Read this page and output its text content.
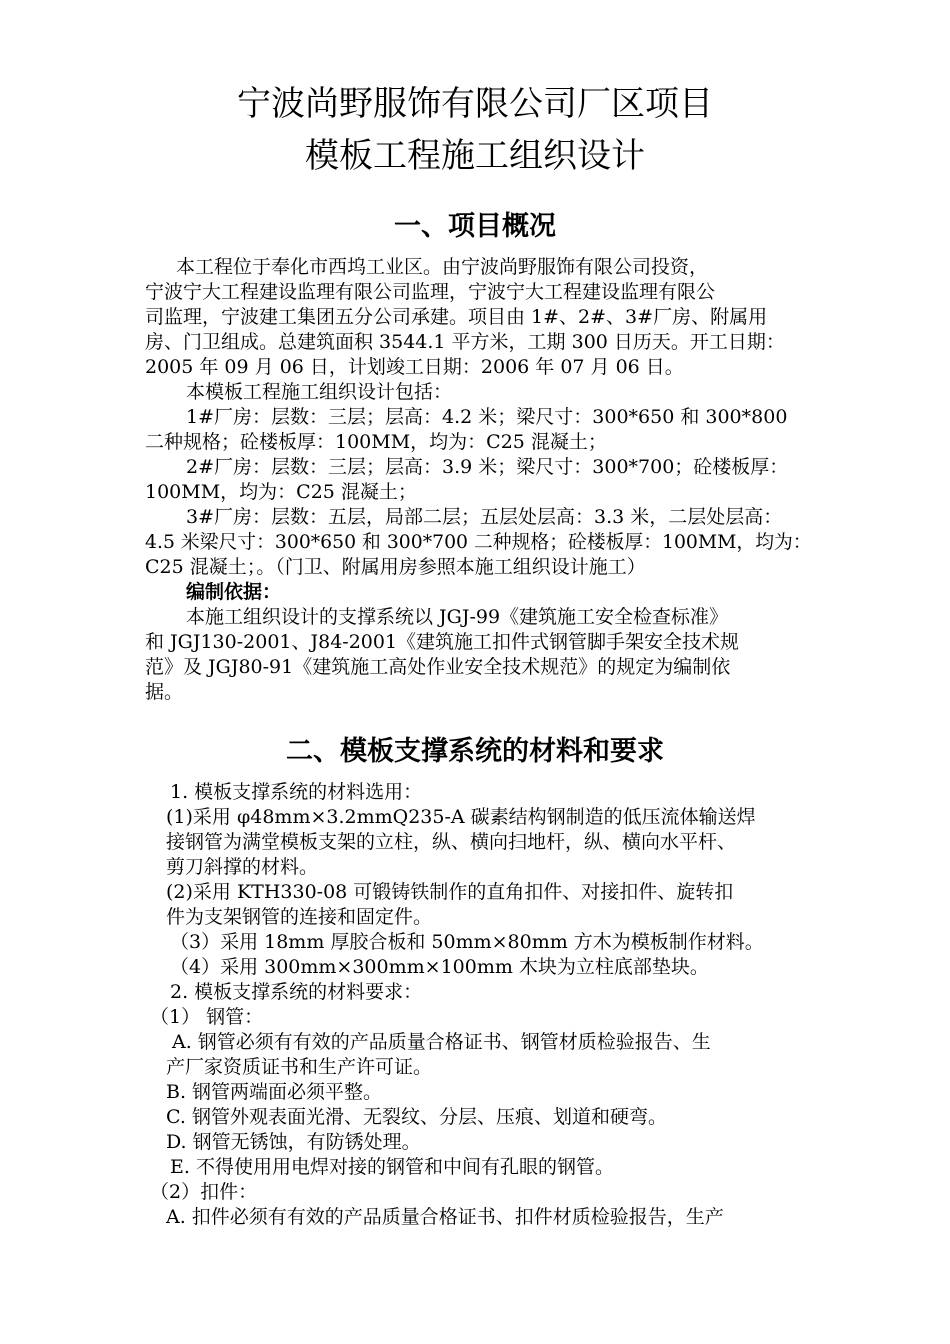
宁波尚野服饰有限公司厂区项目
模板工程施工组织设计
一、项目概况
本工程位于奉化市西坞工业区。由宁波尚野服饰有限公司投资，
宁波宁大工程建设监理有限公司监理，宁波宁大工程建设监理有限公
司监理，宁波建工集团五分公司承建。项目由 1#、2#、3#厂房、附属用
房、门卫组成。总建筑面积 3544.1 平方米，工期 300 日历天。开工日期：
2005 年 09 月 06 日，计划竣工日期：2006 年 07 月 06 日。
本模板工程施工组织设计包括：
1#厂房：层数：三层；层高：4.2 米；梁尺寸：300*650 和 300*800
二种规格；砼楼板厚：100MM，均为：C25 混凝土；
2#厂房：层数：三层；层高：3.9 米；梁尺寸：300*700；砼楼板厚：
100MM，均为：C25 混凝土；
3#厂房：层数：五层，局部二层；五层处层高：3.3 米，二层处层高：
4.5 米梁尺寸：300*650 和 300*700 二种规格；砼楼板厚：100MM，均为：
C25 混凝土；。（门卫、附属用房参照本施工组织设计施工）
编制依据：
本施工组织设计的支撑系统以 JGJ-99《建筑施工安全检查标准》
和 JGJ130-2001、J84-2001《建筑施工扣件式钢管脚手架安全技术规
范》及 JGJ80-91《建筑施工高处作业安全技术规范》的规定为编制依
据。
二、模板支撑系统的材料和要求
1. 模板支撑系统的材料选用：
(1)采用 φ48mm×3.2mmQ235-A 碳素结构钢制造的低压流体输送焊
接钢管为满堂模板支架的立柱，纵、横向扫地杆，纵、横向水平杆、
剪刀斜撑的材料。
(2)采用 KTH330-08 可锻铸铁制作的直角扣件、对接扣件、旋转扣
件为支架钢管的连接和固定件。
（3）采用 18mm 厚胶合板和 50mm×80mm 方木为模板制作材料。
（4）采用 300mm×300mm×100mm 木块为立柱底部垫块。
2. 模板支撑系统的材料要求：
（1） 钢管：
A. 钢管必须有有效的产品质量合格证书、钢管材质检验报告、生
产厂家资质证书和生产许可证。
B. 钢管两端面必须平整。
C. 钢管外观表面光滑、无裂纹、分层、压痕、划道和硬弯。
D. 钢管无锈蚀，有防锈处理。
E. 不得使用用电焊对接的钢管和中间有孔眼的钢管。
（2）扣件：
A. 扣件必须有有效的产品质量合格证书、扣件材质检验报告，生产
